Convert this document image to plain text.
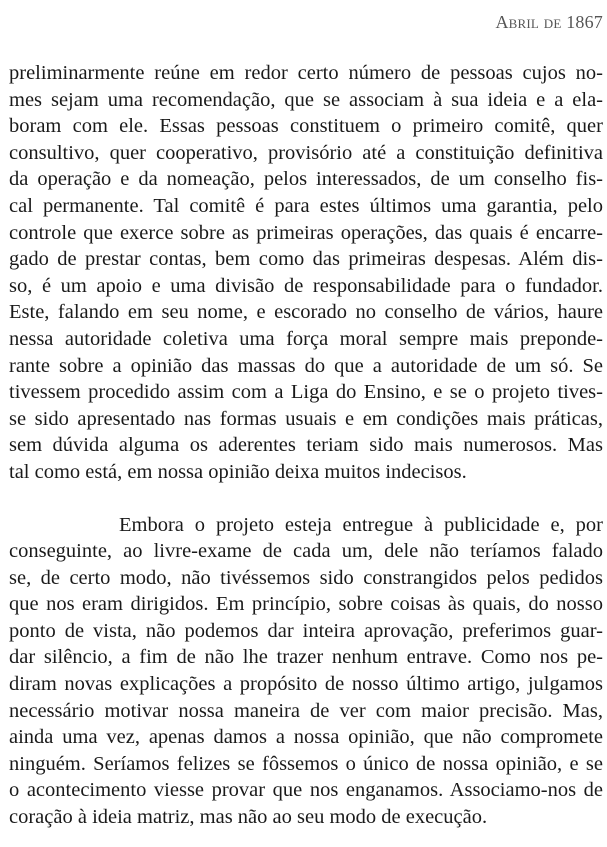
Abril de 1867
preliminarmente reúne em redor certo número de pessoas cujos no-
mes sejam uma recomendação, que se associam à sua ideia e a ela-
boram com ele. Essas pessoas constituem o primeiro comitê, quer
consultivo, quer cooperativo, provisório até a constituição definitiva
da operação e da nomeação, pelos interessados, de um conselho fis-
cal permanente. Tal comitê é para estes últimos uma garantia, pelo
controle que exerce sobre as primeiras operações, das quais é encarre-
gado de prestar contas, bem como das primeiras despesas. Além dis-
so, é um apoio e uma divisão de responsabilidade para o fundador.
Este, falando em seu nome, e escorado no conselho de vários, haure
nessa autoridade coletiva uma força moral sempre mais prepondе-
rante sobre a opinião das massas do que a autoridade de um só. Se
tivessem procedido assim com a Liga do Ensino, e se o projeto tives-
se sido apresentado nas formas usuais e em condições mais práticas,
sem dúvida alguma os aderentes teriam sido mais numerosos. Mas
tal como está, em nossa opinião deixa muitos indecisos.
Embora o projeto esteja entregue à publicidade e, por
conseguinte, ao livre-exame de cada um, dele não teríamos falado
se, de certo modo, não tivéssemos sido constrangidos pelos pedidos
que nos eram dirigidos. Em princípio, sobre coisas às quais, do nosso
ponto de vista, não podemos dar inteira aprovação, preferimos guar-
dar silêncio, a fim de não lhe trazer nenhum entrave. Como nos pe-
diram novas explicações a propósito de nosso último artigo, julgamos
necessário motivar nossa maneira de ver com maior precisão. Mas,
ainda uma vez, apenas damos a nossa opinião, que não compromete
ninguém. Seríamos felizes se fôssemos o único de nossa opinião, e se
o acontecimento viesse provar que nos enganamos. Associamo-nos de
coração à ideia matriz, mas não ao seu modo de execução.
